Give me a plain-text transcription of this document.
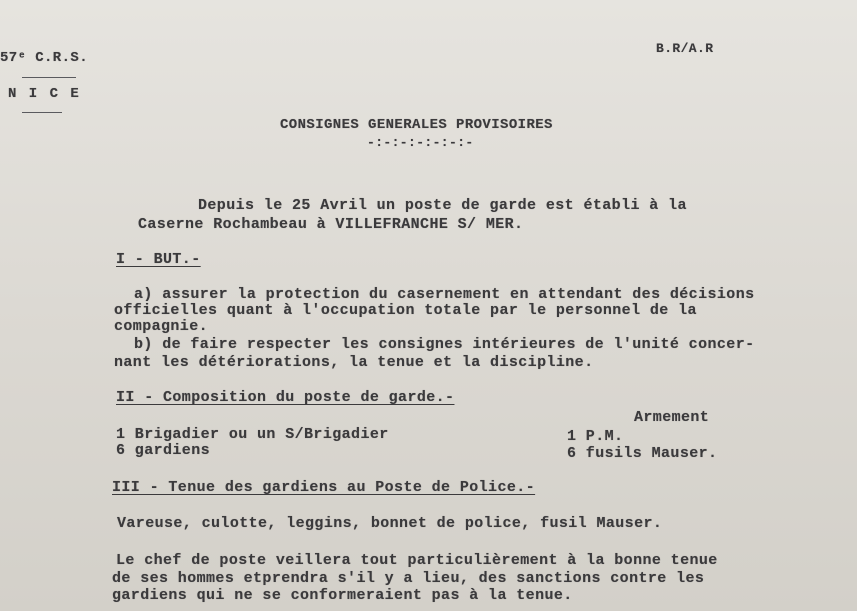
57ᵉ C.R.S.
N I C E
B.R/A.R
CONSIGNES GENERALES PROVISOIRES
-:-:-:-:-:-:-
Depuis le 25 Avril un poste de garde est établi à la
Caserne Rochambeau à VILLEFRANCHE S/ MER.
I - BUT.-
a) assurer la protection du casernement en attendant des décisions
officielles quant à l'occupation totale par le personnel de la
compagnie.
b) de faire respecter les consignes intérieures de l'unité concer-
nant les détériorations, la tenue et la discipline.
II - Composition du poste de garde.-
Armement
1 Brigadier ou un S/Brigadier	1 P.M.
6 gardiens	6 fusils Mauser.
III - Tenue des gardiens au Poste de Police.-
Vareuse, culotte, leggins, bonnet de police, fusil Mauser.
Le chef de poste veillera tout particulièrement à la bonne tenue
de ses hommes etprendra s'il y a lieu, des sanctions contre les
gardiens qui ne se conformeraient pas à la tenue.
